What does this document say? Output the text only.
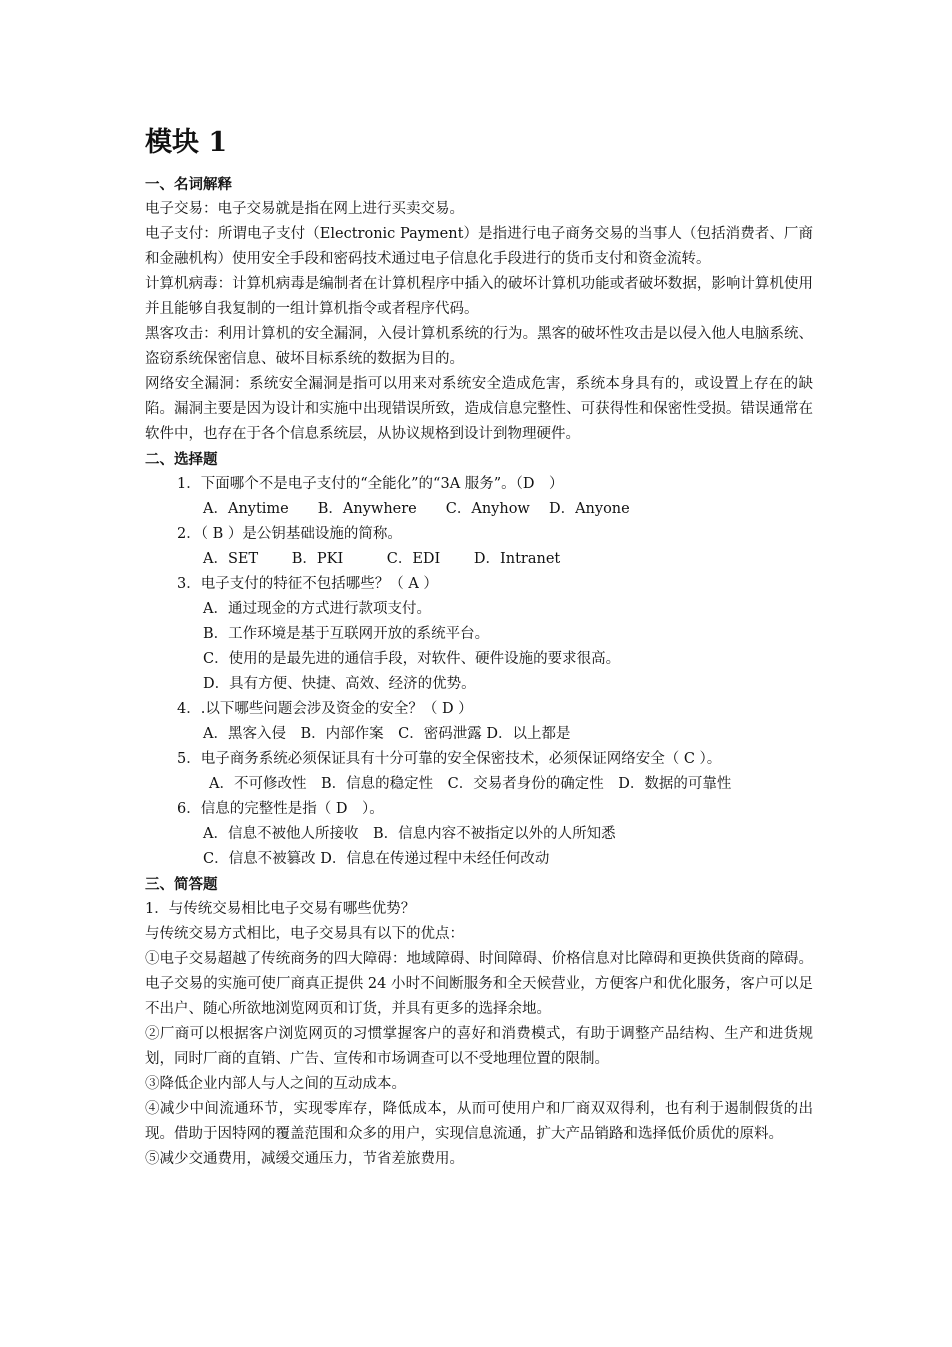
模块 1

一、名词解释

电子交易：电子交易就是指在网上进行买卖交易。

电子支付：所谓电子支付（Electronic Payment）是指进行电子商务交易的当事人（包括消费者、厂商和金融机构）使用安全手段和密码技术通过电子信息化手段进行的货币支付和资金流转。

计算机病毒：计算机病毒是编制者在计算机程序中插入的破坏计算机功能或者破坏数据，影响计算机使用并且能够自我复制的一组计算机指令或者程序代码。

黑客攻击：利用计算机的安全漏洞，入侵计算机系统的行为。黑客的破坏性攻击是以侵入他人电脑系统、盗窃系统保密信息、破坏目标系统的数据为目的。

网络安全漏洞：系统安全漏洞是指可以用来对系统安全造成危害，系统本身具有的，或设置上存在的缺陷。漏洞主要是因为设计和实施中出现错误所致，造成信息完整性、可获得性和保密性受损。错误通常在软件中，也存在于各个信息系统层，从协议规格到设计到物理硬件。

二、选择题

1．下面哪个不是电子支付的“全能化”的“3A 服务”。（D　）

A．Anytime　　B．Anywhere　　C．Anyhow　 D．Anyone

2．（ B ）是公钥基础设施的简称。

A．SET　　 B．PKI　　　C．EDI　　 D．Intranet

3．电子支付的特征不包括哪些？（ A ）

A．通过现金的方式进行款项支付。

B．工作环境是基于互联网开放的系统平台。

C．使用的是最先进的通信手段，对软件、硬件设施的要求很高。

D．具有方便、快捷、高效、经济的优势。

4．.以下哪些问题会涉及资金的安全？（ D ）

A．黑客入侵　B．内部作案　C．密码泄露 D．以上都是

5．电子商务系统必须保证具有十分可靠的安全保密技术，必须保证网络安全（ C ）。

A．不可修改性　B．信息的稳定性　C．交易者身份的确定性　D．数据的可靠性

6．信息的完整性是指（ D　）。

A．信息不被他人所接收　B．信息内容不被指定以外的人所知悉

C．信息不被篡改 D．信息在传递过程中未经任何改动

三、简答题

1．与传统交易相比电子交易有哪些优势？

与传统交易方式相比，电子交易具有以下的优点：

①电子交易超越了传统商务的四大障碍：地域障碍、时间障碍、价格信息对比障碍和更换供货商的障碍。电子交易的实施可使厂商真正提供 24 小时不间断服务和全天候营业，方便客户和优化服务，客户可以足不出户、随心所欲地浏览网页和订货，并具有更多的选择余地。

②厂商可以根据客户浏览网页的习惯掌握客户的喜好和消费模式，有助于调整产品结构、生产和进货规划，同时厂商的直销、广告、宣传和市场调查可以不受地理位置的限制。

③降低企业内部人与人之间的互动成本。

④减少中间流通环节，实现零库存，降低成本，从而可使用户和厂商双双得利，也有利于遏制假货的出现。借助于因特网的覆盖范围和众多的用户，实现信息流通，扩大产品销路和选择低价质优的原料。

⑤减少交通费用，减缓交通压力，节省差旅费用。
